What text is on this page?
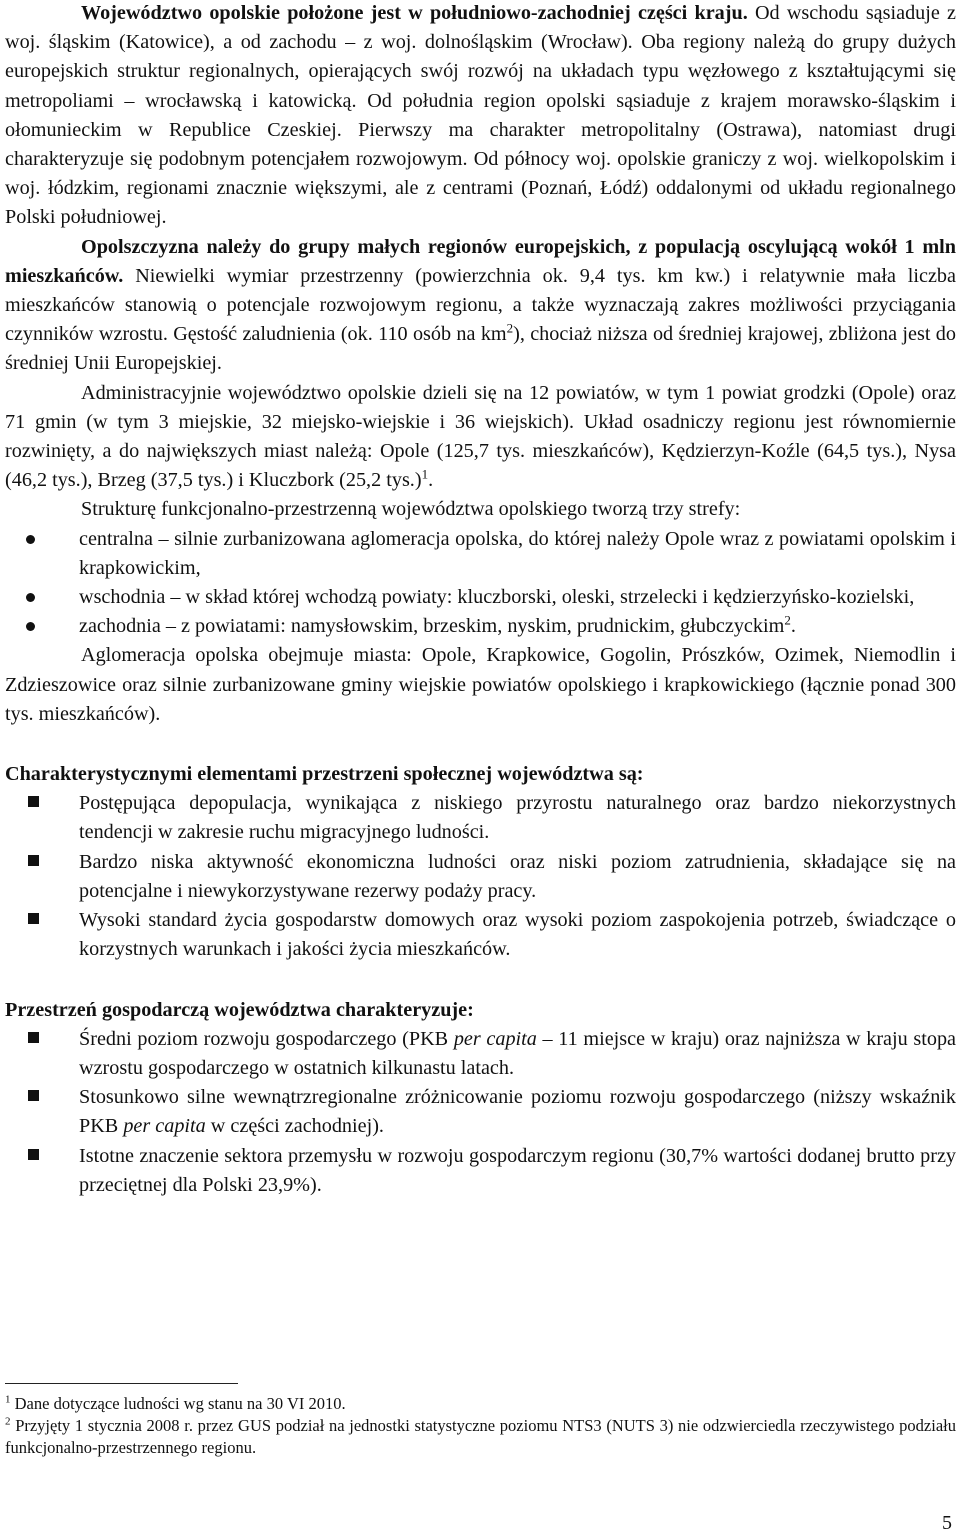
Województwo opolskie położone jest w południowo-zachodniej części kraju. Od wschodu sąsiaduje z woj. śląskim (Katowice), a od zachodu – z woj. dolnośląskim (Wrocław). Oba regiony należą do grupy dużych europejskich struktur regionalnych, opierających swój rozwój na układach typu węzłowego z kształtującymi się metropoliami – wrocławską i katowicką. Od południa region opolski sąsiaduje z krajem morawsko-śląskim i ołomunieckim w Republice Czeskiej. Pierwszy ma charakter metropolitalny (Ostrawa), natomiast drugi charakteryzuje się podobnym potencjałem rozwojowym. Od północy woj. opolskie graniczy z woj. wielkopolskim i woj. łódzkim, regionami znacznie większymi, ale z centrami (Poznań, Łódź) oddalonymi od układu regionalnego Polski południowej.

Opolszczyzna należy do grupy małych regionów europejskich, z populacją oscylującą wokół 1 mln mieszkańców. Niewielki wymiar przestrzenny (powierzchnia ok. 9,4 tys. km kw.) i relatywnie mała liczba mieszkańców stanowią o potencjale rozwojowym regionu, a także wyznaczają zakres możliwości przyciągania czynników wzrostu. Gęstość zaludnienia (ok. 110 osób na $km^2$), chociaż niższa od średniej krajowej, zbliżona jest do średniej Unii Europejskiej.

Administracyjnie województwo opolskie dzieli się na 12 powiatów, w tym 1 powiat grodzki (Opole) oraz 71 gmin (w tym 3 miejskie, 32 miejsko-wiejskie i 36 wiejskich). Układ osadniczy regionu jest równomiernie rozwinięty, a do największych miast należą: Opole (125,7 tys. mieszkańców), Kędzierzyn-Koźle (64,5 tys.), Nysa (46,2 tys.), Brzeg (37,5 tys.) i Kluczbork (25,2 tys.)$^1$.

Strukturę funkcjonalno-przestrzenną województwa opolskiego tworzą trzy strefy:

centralna – silnie zurbanizowana aglomeracja opolska, do której należy Opole wraz z powiatami opolskim i krapkowickim,
wschodnia – w skład której wchodzą powiaty: kluczborski, oleski, strzelecki i kędzierzyńsko-kozielski,
zachodnia – z powiatami: namysłowskim, brzeskim, nyskim, prudnickim, głubczyckim$^2$.

Aglomeracja opolska obejmuje miasta: Opole, Krapkowice, Gogolin, Prószków, Ozimek, Niemodlin i Zdzieszowice oraz silnie zurbanizowane gminy wiejskie powiatów opolskiego i krapkowickiego (łącznie ponad 300 tys. mieszkańców).

Charakterystycznymi elementami przestrzeni społecznej województwa są:

Postępująca depopulacja, wynikająca z niskiego przyrostu naturalnego oraz bardzo niekorzystnych tendencji w zakresie ruchu migracyjnego ludności.
Bardzo niska aktywność ekonomiczna ludności oraz niski poziom zatrudnienia, składające się na potencjalne i niewykorzystywane rezerwy podaży pracy.
Wysoki standard życia gospodarstw domowych oraz wysoki poziom zaspokojenia potrzeb, świadczące o korzystnych warunkach i jakości życia mieszkańców.

Przestrzeń gospodarczą województwa charakteryzuje:

Średni poziom rozwoju gospodarczego (PKB per capita – 11 miejsce w kraju) oraz najniższa w kraju stopa wzrostu gospodarczego w ostatnich kilkunastu latach.
Stosunkowo silne wewnątrzregionalne zróżnicowanie poziomu rozwoju gospodarczego (niższy wskaźnik PKB per capita w części zachodniej).
Istotne znaczenie sektora przemysłu w rozwoju gospodarczym regionu (30,7% wartości dodanej brutto przy przeciętnej dla Polski 23,9%).

$^1$ Dane dotyczące ludności wg stanu na 30 VI 2010.

$^2$ Przyjęty 1 stycznia 2008 r. przez GUS podział na jednostki statystyczne poziomu NTS3 (NUTS 3) nie odzwierciedla rzeczywistego podziału funkcjonalno-przestrzennego regionu.

5
